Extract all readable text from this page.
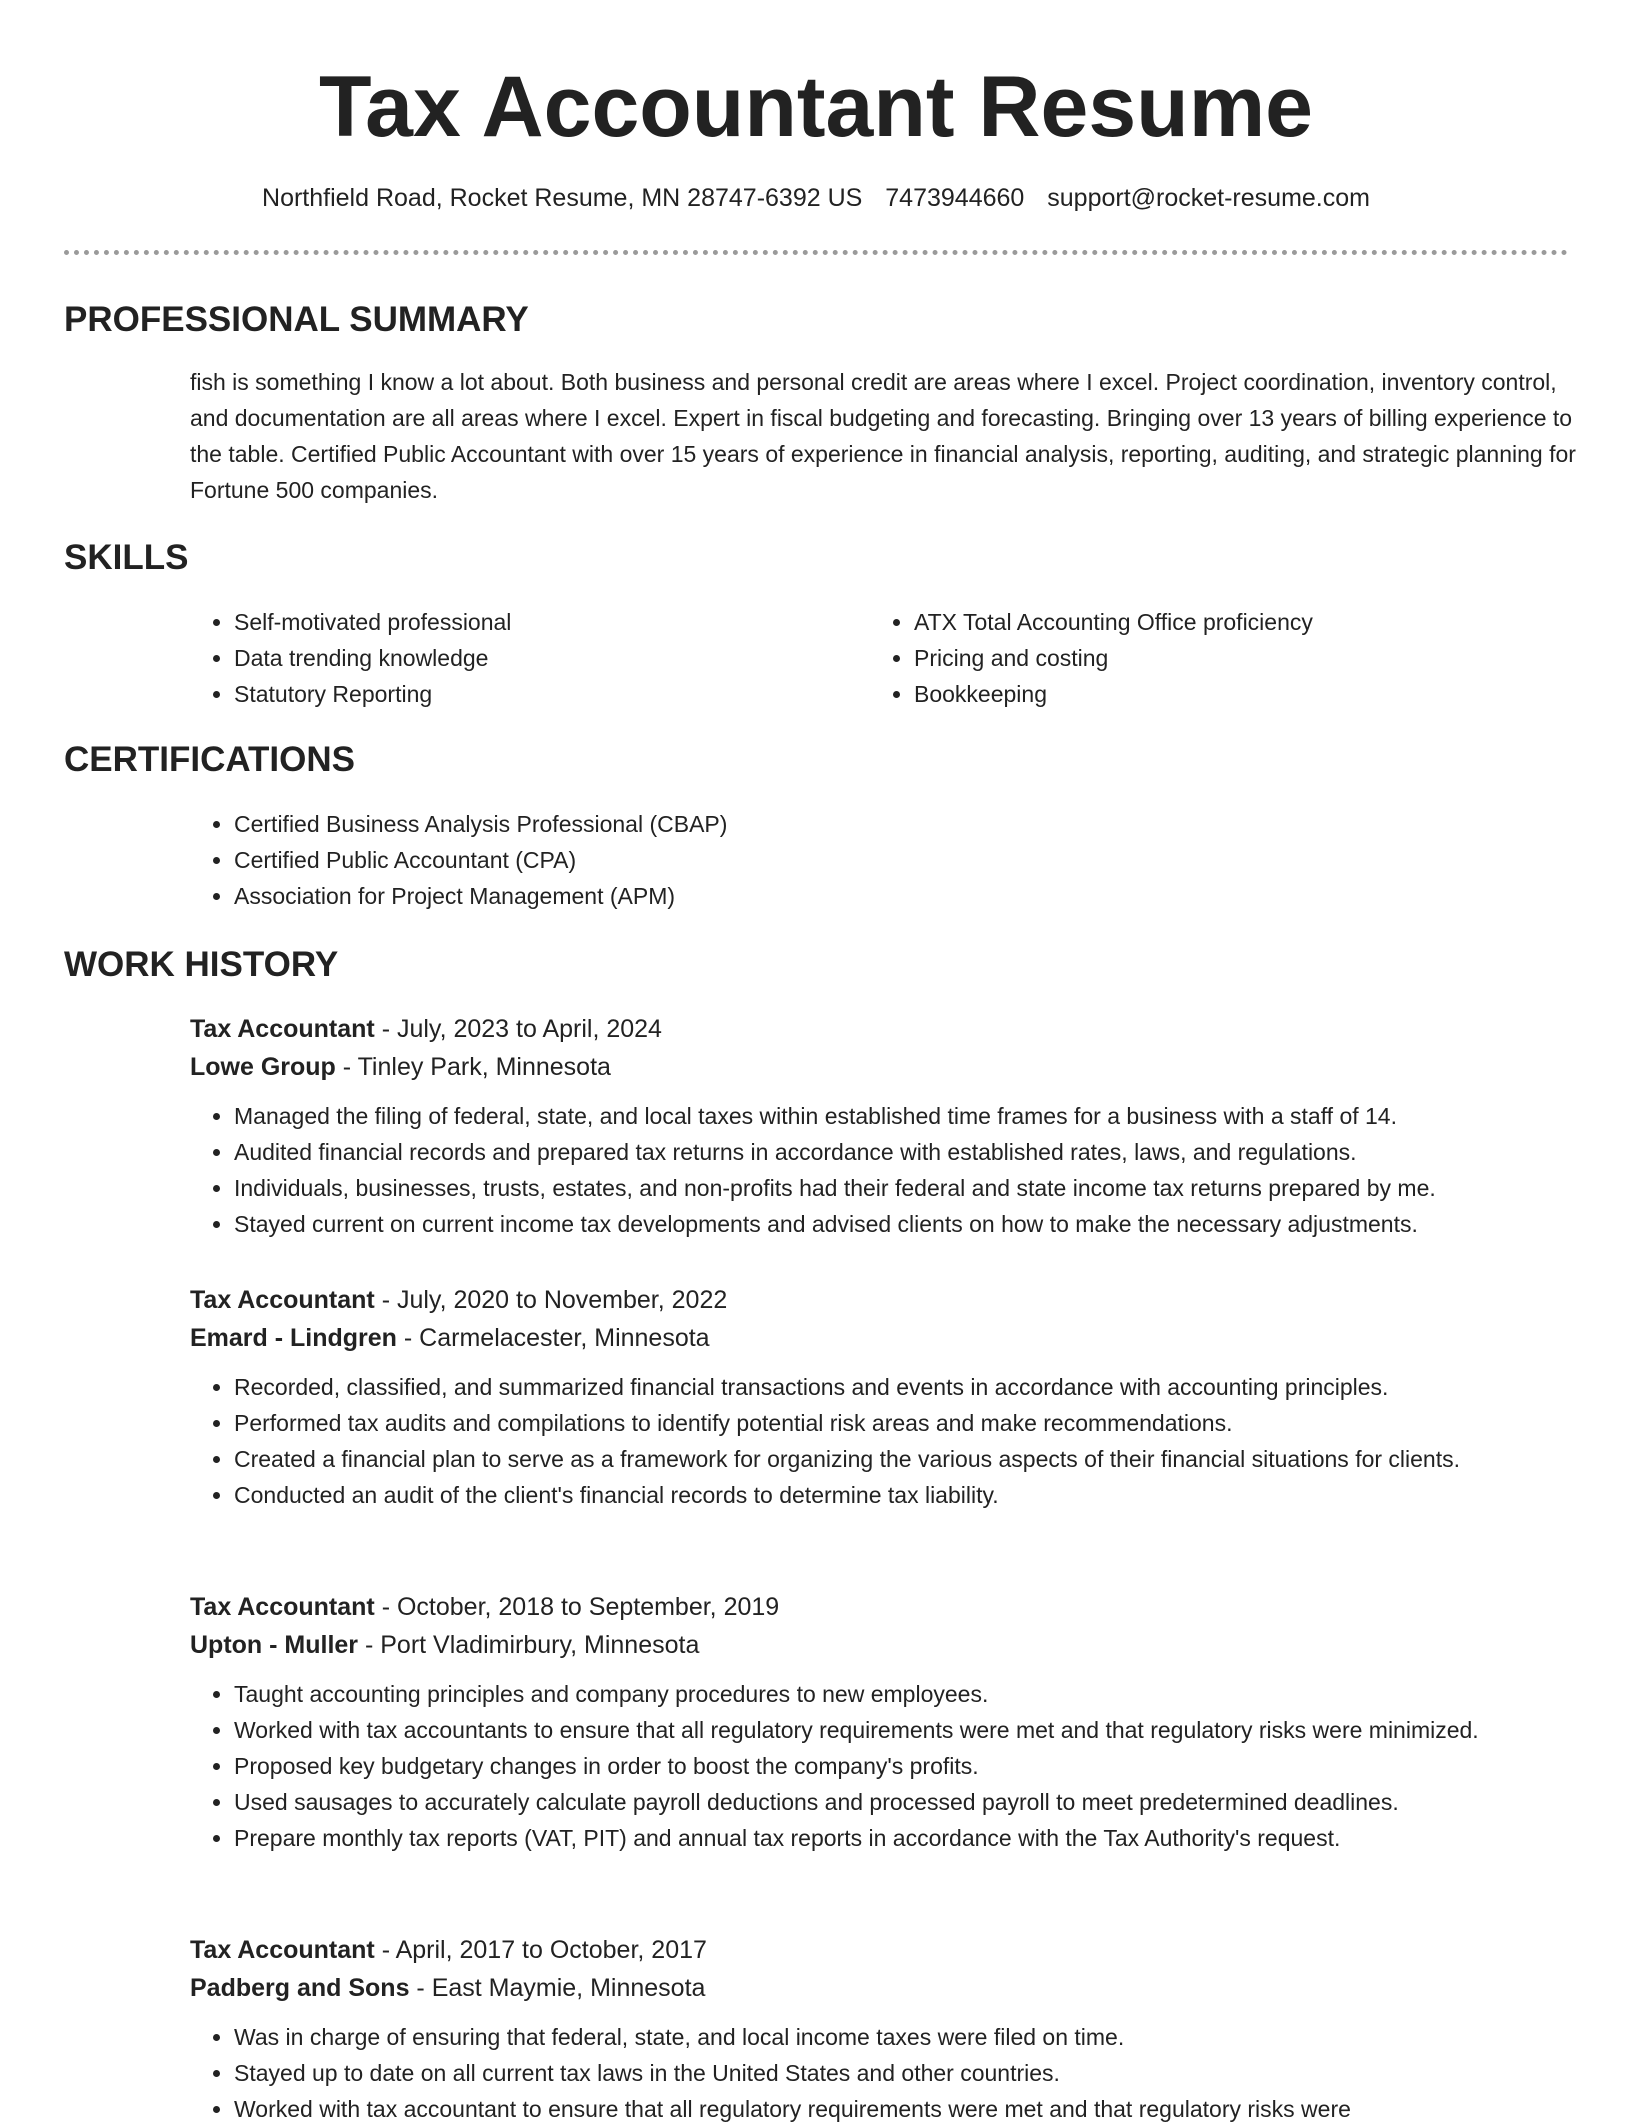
Tax Accountant Resume
Northfield Road, Rocket Resume, MN 28747-6392 US 7473944660 support@rocket-resume.com
PROFESSIONAL SUMMARY

fish is something I know a lot about. Both business and personal credit are areas where I excel. Project coordination, inventory control, and documentation are all areas where I excel. Expert in fiscal budgeting and forecasting. Bringing over 13 years of billing experience to the table. Certified Public Accountant with over 15 years of experience in financial analysis, reporting, auditing, and strategic planning for Fortune 500 companies.

SKILLS
• Self-motivated professional
• Data trending knowledge
• Statutory Reporting
• ATX Total Accounting Office proficiency
• Pricing and costing
• Bookkeeping
CERTIFICATIONS
• Certified Business Analysis Professional (CBAP)
• Certified Public Accountant (CPA)
• Association for Project Management (APM)
WORK HISTORY
Tax Accountant - July, 2023 to April, 2024
Lowe Group - Tinley Park, Minnesota
• Managed the filing of federal, state, and local taxes within established time frames for a business with a staff of 14.
• Audited financial records and prepared tax returns in accordance with established rates, laws, and regulations.
• Individuals, businesses, trusts, estates, and non-profits had their federal and state income tax returns prepared by me.
• Stayed current on current income tax developments and advised clients on how to make the necessary adjustments.
Tax Accountant - July, 2020 to November, 2022
Emard - Lindgren - Carmelacester, Minnesota
• Recorded, classified, and summarized financial transactions and events in accordance with accounting principles.
• Performed tax audits and compilations to identify potential risk areas and make recommendations.
• Created a financial plan to serve as a framework for organizing the various aspects of their financial situations for clients.
• Conducted an audit of the client's financial records to determine tax liability.
Tax Accountant - October, 2018 to September, 2019
Upton - Muller - Port Vladimirbury, Minnesota
• Taught accounting principles and company procedures to new employees.
• Worked with tax accountants to ensure that all regulatory requirements were met and that regulatory risks were minimized.
• Proposed key budgetary changes in order to boost the company's profits.
• Used sausages to accurately calculate payroll deductions and processed payroll to meet predetermined deadlines.
• Prepare monthly tax reports (VAT, PIT) and annual tax reports in accordance with the Tax Authority's request.
Tax Accountant - April, 2017 to October, 2017
Padberg and Sons - East Maymie, Minnesota
• Was in charge of ensuring that federal, state, and local income taxes were filed on time.
• Stayed up to date on all current tax laws in the United States and other countries.
• Worked with tax accountant to ensure that all regulatory requirements were met and that regulatory risks were
